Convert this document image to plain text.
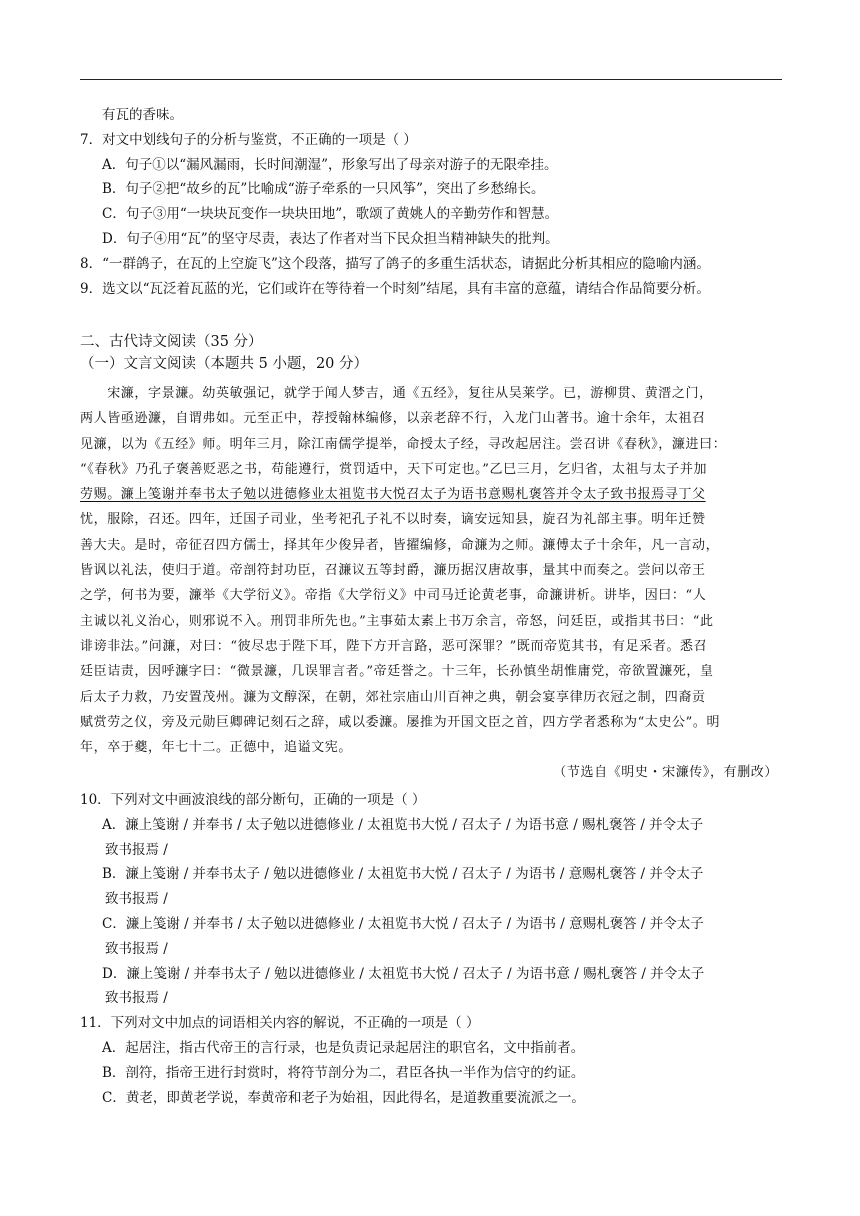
有瓦的香味。
7．对文中划线句子的分析与鉴赏，不正确的一项是（ ）
A．句子①以“漏风漏雨，长时间潮湿”，形象写出了母亲对游子的无限牵挂。
B．句子②把“故乡的瓦”比喻成“游子牵系的一只风筝”，突出了乡愁绵长。
C．句子③用“一块块瓦变作一块块田地”，歌颂了黄姚人的辛勤劳作和智慧。
D．句子④用“瓦”的坚守尽责，表达了作者对当下民众担当精神缺失的批判。
8．“一群鸽子，在瓦的上空旋飞”这个段落，描写了鸽子的多重生活状态，请据此分析其相应的隐喻内涵。
9．选文以“瓦泛着瓦蓝的光，它们或许在等待着一个时刻”结尾，具有丰富的意蕴，请结合作品简要分析。
二、古代诗文阅读（35 分）
（一）文言文阅读（本题共 5 小题，20 分）
　　宋濂，字景濂。幼英敏强记，就学于闻人梦吉，通《五经》，复往从吴莱学。已，游柳贯、黄溍之门，
两人皆亟逊濂，自谓弗如。元至正中，荐授翰林编修，以亲老辞不行，入龙门山著书。逾十余年，太祖召
见濂，以为《五经》师。明年三月，除江南儒学提举，命授太子经，寻改起居注。尝召讲《春秋》，濂进曰：
“《春秋》乃孔子褒善贬恶之书，苟能遵行，赏罚适中，天下可定也。”乙巳三月，乞归省，太祖与太子并加
劳赐。濂上笺谢并奉书太子勉以进德修业太祖览书大悦召太子为语书意赐札褒答并令太子致书报焉寻丁父
忧，服除，召还。四年，迁国子司业，坐考祀孔子礼不以时奏，谪安远知县，旋召为礼部主事。明年迁赞
善大夫。是时，帝征召四方儒士，择其年少俊异者，皆擢编修，命濂为之师。濂傅太子十余年，凡一言动，
皆讽以礼法，使归于道。帝剖符封功臣，召濂议五等封爵，濂历据汉唐故事，量其中而奏之。尝问以帝王
之学，何书为要，濂举《大学衍义》。帝指《大学衍义》中司马迁论黄老事，命濂讲析。讲毕，因曰：“人
主诚以礼义治心，则邪说不入。刑罚非所先也。”主事茹太素上书万余言，帝怒，问廷臣，或指其书曰：“此
诽谤非法。”问濂，对曰：“彼尽忠于陛下耳，陛下方开言路，恶可深罪？”既而帝览其书，有足采者。悉召
廷臣诘责，因呼濂字曰：“微景濂，几误罪言者。”帝廷誉之。十三年，长孙慎坐胡惟庸党，帝欲置濂死，皇
后太子力救，乃安置茂州。濂为文醇深，在朝，郊社宗庙山川百神之典，朝会宴享律历衣冠之制，四裔贡
赋赏劳之仪，旁及元勋巨卿碑记刻石之辞，咸以委濂。屡推为开国文臣之首，四方学者悉称为“太史公”。明
年，卒于夔，年七十二。正德中，追谥文宪。
（节选自《明史・宋濂传》，有删改）
10．下列对文中画波浪线的部分断句，正确的一项是（ ）
A．濂上笺谢 / 并奉书 / 太子勉以进德修业 / 太祖览书大悦 / 召太子 / 为语书意 / 赐札褒答 / 并令太子
致书报焉 /
B．濂上笺谢 / 并奉书太子 / 勉以进德修业 / 太祖览书大悦 / 召太子 / 为语书 / 意赐札褒答 / 并令太子
致书报焉 /
C．濂上笺谢 / 并奉书 / 太子勉以进德修业 / 太祖览书大悦 / 召太子 / 为语书 / 意赐札褒答 / 并令太子
致书报焉 /
D．濂上笺谢 / 并奉书太子 / 勉以进德修业 / 太祖览书大悦 / 召太子 / 为语书意 / 赐札褒答 / 并令太子
致书报焉 /
11．下列对文中加点的词语相关内容的解说，不正确的一项是（ ）
A．起居注，指古代帝王的言行录，也是负责记录起居注的职官名，文中指前者。
B．剖符，指帝王进行封赏时，将符节剖分为二，君臣各执一半作为信守的约证。
C．黄老，即黄老学说，奉黄帝和老子为始祖，因此得名，是道教重要流派之一。
